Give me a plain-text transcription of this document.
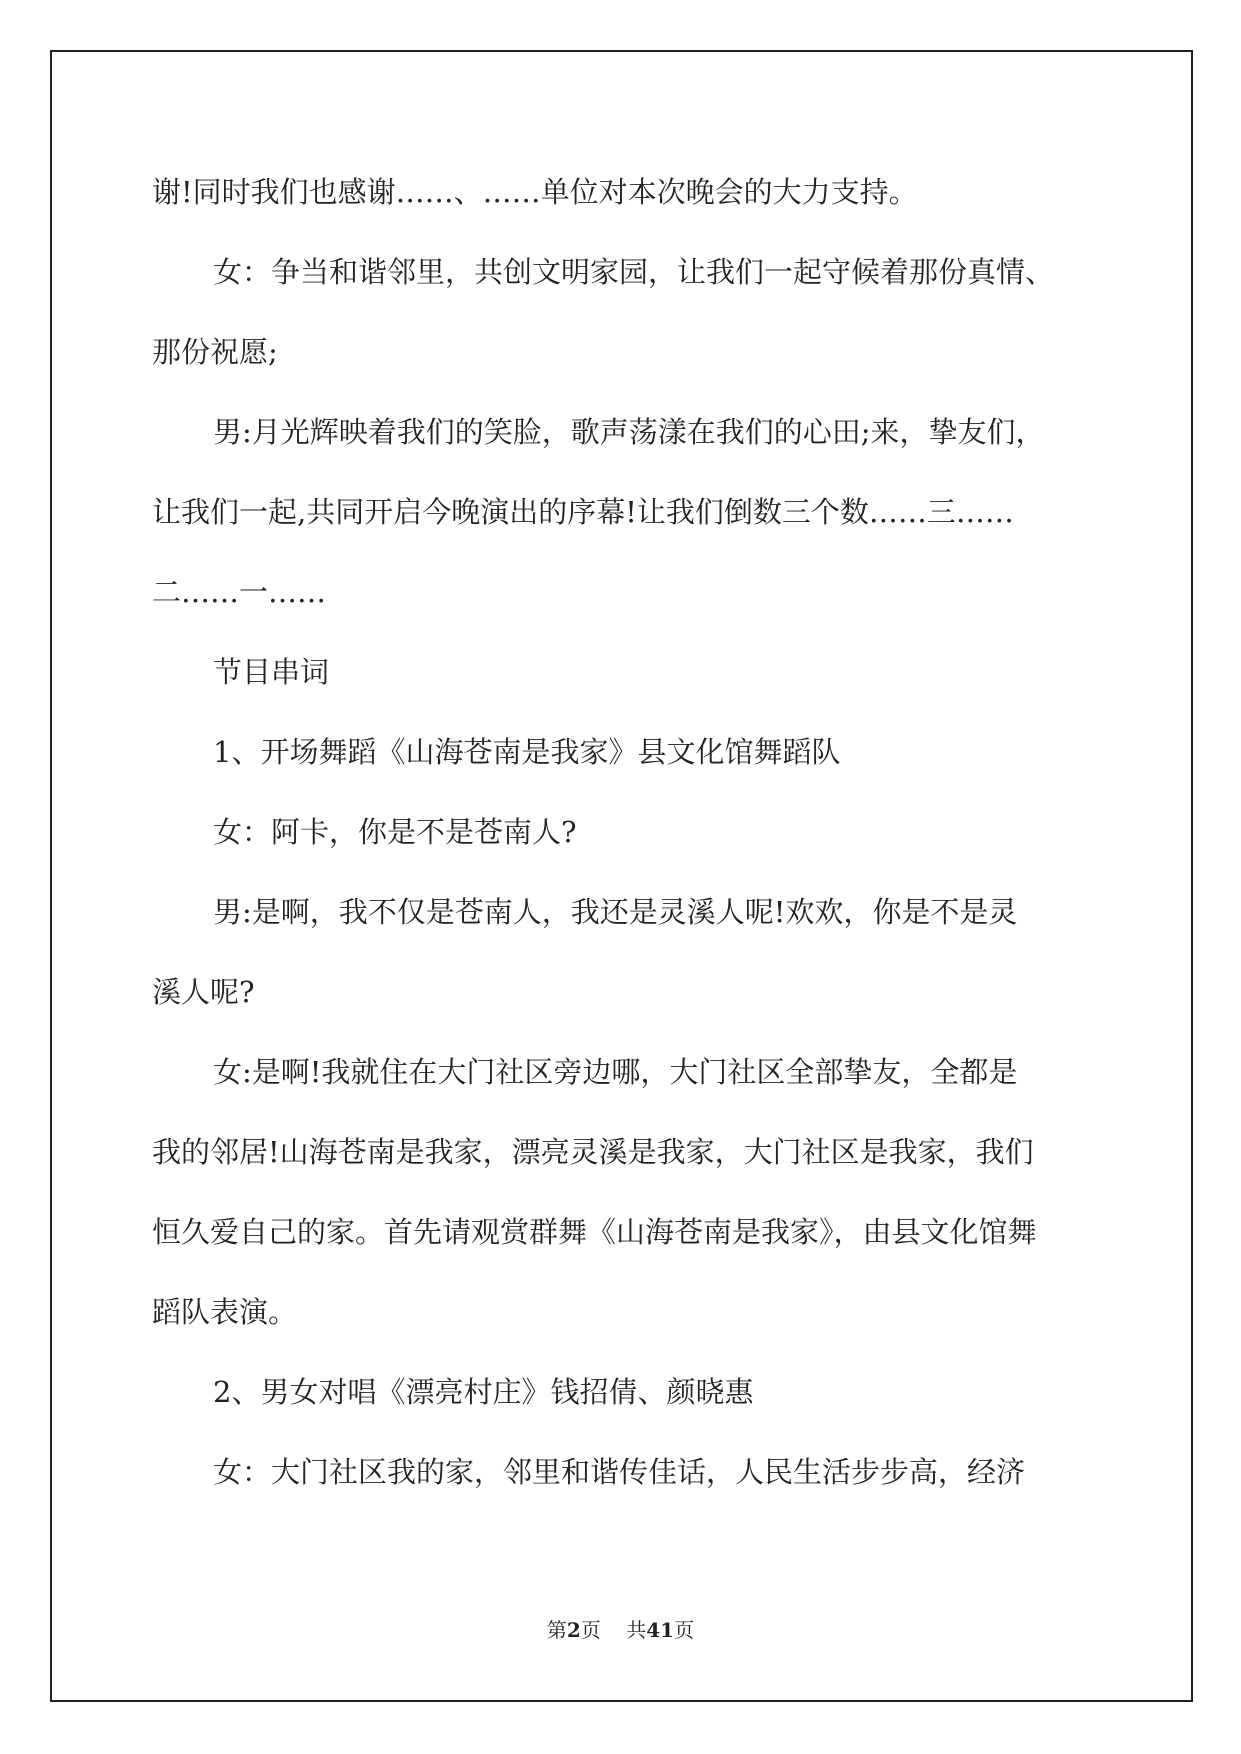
谢!同时我们也感谢……、……单位对本次晚会的大力支持。

女：争当和谐邻里，共创文明家园，让我们一起守候着那份真情、

那份祝愿;

男:月光辉映着我们的笑脸，歌声荡漾在我们的心田;来，挚友们，

让我们一起,共同开启今晚演出的序幕!让我们倒数三个数……三……

二……一……

节目串词

1、开场舞蹈《山海苍南是我家》县文化馆舞蹈队

女：阿卡，你是不是苍南人?

男:是啊，我不仅是苍南人，我还是灵溪人呢!欢欢，你是不是灵

溪人呢?

女:是啊!我就住在大门社区旁边哪，大门社区全部挚友，全都是

我的邻居!山海苍南是我家，漂亮灵溪是我家，大门社区是我家，我们

恒久爱自己的家。首先请观赏群舞《山海苍南是我家》，由县文化馆舞

蹈队表演。

2、男女对唱《漂亮村庄》钱招倩、颜晓惠

女：大门社区我的家，邻里和谐传佳话，人民生活步步高，经济

第2页 共41页
